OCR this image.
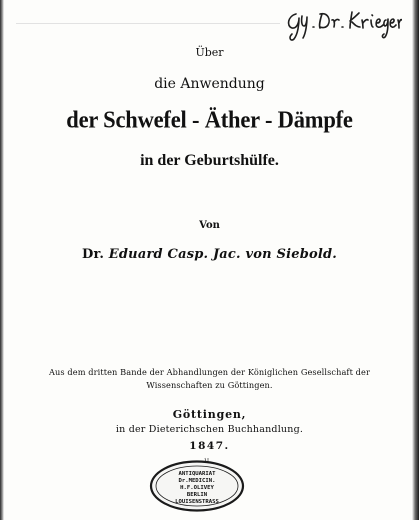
Über
die Anwendung
der Schwefel - Äther - Dämpfe
in der Geburtshülfe.
Von
Dr. Eduard Casp. Jac. von Siebold.
Aus dem dritten Bande der Abhandlungen der Königlichen Gesellschaft der
Wissenschaften zu Göttingen.
Göttingen,
in der Dieterichschen Buchhandlung.
1847.
ANTIQUARIAT
Dr.MEDICIN.
H.F.OLIVEY
BERLIN
LOUISENSTRASS
